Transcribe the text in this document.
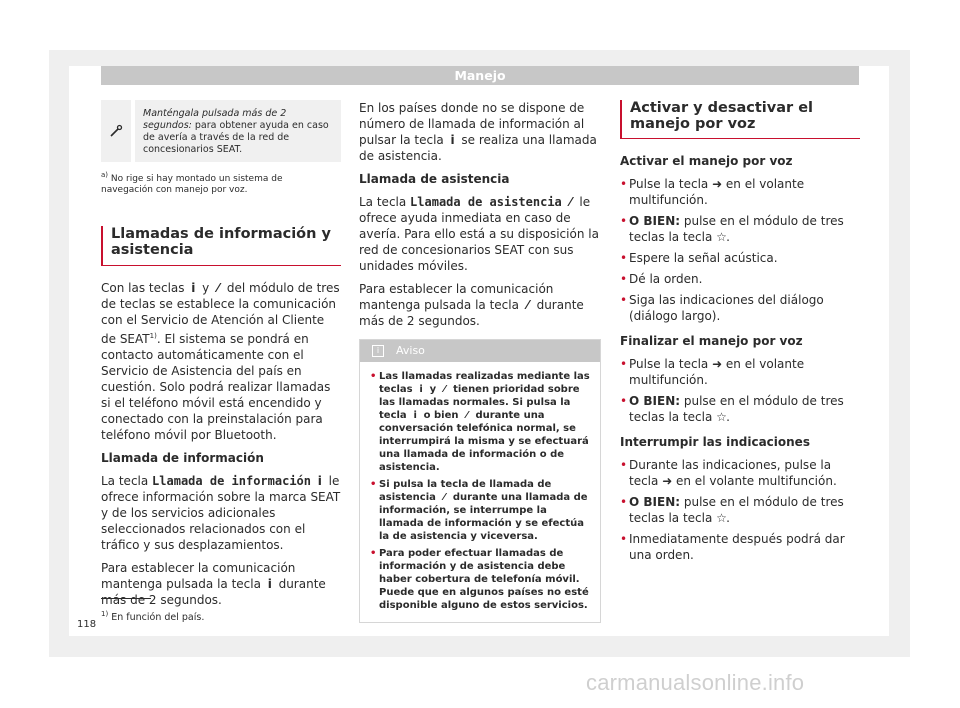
Manejo
Manténgala pulsada más de 2 segundos: para obtener ayuda en caso de avería a través de la red de concesionarios SEAT.
$^{a)}$ No rige si hay montado un sistema de navegación con manejo por voz.
Llamadas de información y asistencia

Con las teclas i y ⁄ del módulo de tres de teclas se establece la comunicación con el Servicio de Atención al Cliente de SEAT$^{1)}$. El sistema se pondrá en contacto automáticamente con el Servicio de Asistencia del país en cuestión. Solo podrá realizar llamadas si el teléfono móvil está encendido y conectado con la preinstalación para teléfono móvil por Bluetooth.

Llamada de información

La tecla Llamada de información i le ofrece información sobre la marca SEAT y de los servicios adicionales seleccionados relacionados con el tráfico y sus desplazamientos.

Para establecer la comunicación mantenga pulsada la tecla i durante más de 2 segundos.

En los países donde no se dispone de número de llamada de información al pulsar la tecla i se realiza una llamada de asistencia.

Llamada de asistencia

La tecla Llamada de asistencia ⁄ le ofrece ayuda inmediata en caso de avería. Para ello está a su disposición la red de concesionarios SEAT con sus unidades móviles.

Para establecer la comunicación mantenga pulsada la tecla ⁄ durante más de 2 segundos.

i	Aviso
• Las llamadas realizadas mediante las teclas i y ⁄ tienen prioridad sobre las llamadas normales. Si pulsa la tecla i o bien ⁄ durante una conversación telefónica normal, se interrumpirá la misma y se efectuará una llamada de información o de asistencia.
• Si pulsa la tecla de llamada de asistencia ⁄ durante una llamada de información, se interrumpe la llamada de información y se efectúa la de asistencia y viceversa.
• Para poder efectuar llamadas de información y de asistencia debe haber cobertura de telefonía móvil. Puede que en algunos países no esté disponible alguno de estos servicios.
Activar y desactivar el manejo por voz

Activar el manejo por voz

• Pulse la tecla ➜ en el volante multifunción.
• O BIEN: pulse en el módulo de tres teclas la tecla ☆.
• Espere la señal acústica.
• Dé la orden.
• Siga las indicaciones del diálogo (diálogo largo).

Finalizar el manejo por voz

• Pulse la tecla ➜ en el volante multifunción.
• O BIEN: pulse en el módulo de tres teclas la tecla ☆.

Interrumpir las indicaciones

• Durante las indicaciones, pulse la tecla ➜ en el volante multifunción.
• O BIEN: pulse en el módulo de tres teclas la tecla ☆.
• Inmediatamente después podrá dar una orden.
$^{1)}$ En función del país.
118
carmanualsonline.info
